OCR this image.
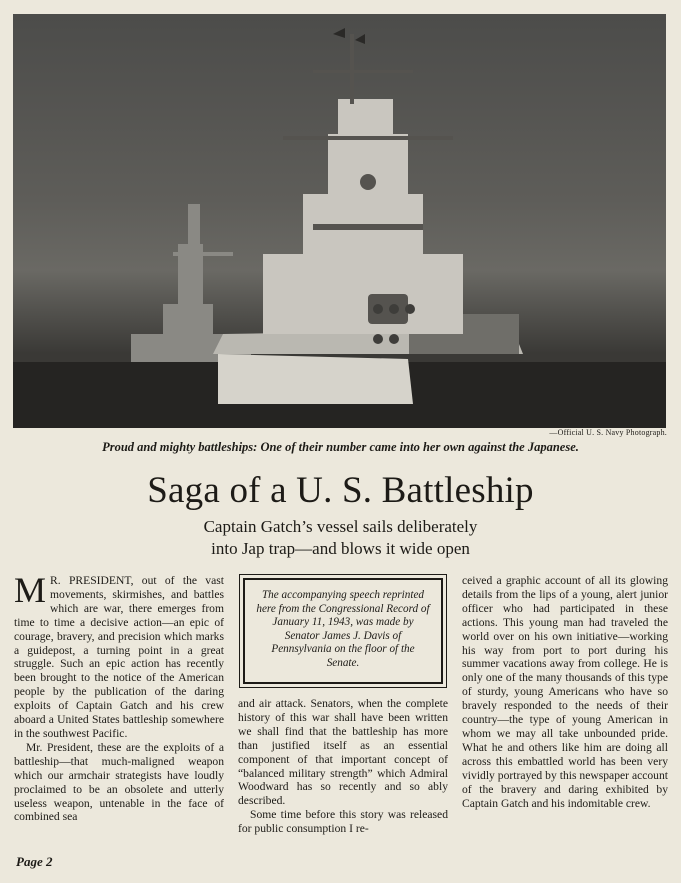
—Official U. S. Navy Photograph.
Proud and mighty battleships: One of their number came into her own against the Japanese.
Saga of a U. S. Battleship
Captain Gatch’s vessel sails deliberately
into Jap trap—and blows it wide open

M R. PRESIDENT, out of the vast movements, skirmishes, and battles which are war, there emerges from time to time a decisive action—an epic of courage, bravery, and precision which marks a guidepost, a turning point in a great struggle. Such an epic action has recently been brought to the notice of the American people by the publication of the daring exploits of Captain Gatch and his crew aboard a United States battleship somewhere in the southwest Pacific.

Mr. President, these are the exploits of a battleship—that much-maligned weapon which our armchair strategists have loudly proclaimed to be an obsolete and utterly useless weapon, untenable in the face of combined sea

The accompanying speech reprinted here from the Congressional Record of January 11, 1943, was made by Senator James J. Davis of Pennsylvania on the floor of the Senate.

and air attack. Senators, when the complete history of this war shall have been written we shall find that the battleship has more than justified itself as an essential component of that important concept of “balanced military strength” which Admiral Woodward has so recently and so ably described.

Some time before this story was released for public consumption I re-

ceived a graphic account of all its glowing details from the lips of a young, alert junior officer who had participated in these actions. This young man had traveled the world over on his own initiative—working his way from port to port during his summer vacations away from college. He is only one of the many thousands of this type of sturdy, young Americans who have so bravely responded to the needs of their country—the type of young American in whom we may all take unbounded pride. What he and others like him are doing all across this embattled world has been very vividly portrayed by this newspaper account of the bravery and daring exhibited by Captain Gatch and his indomitable crew.

Page 2
